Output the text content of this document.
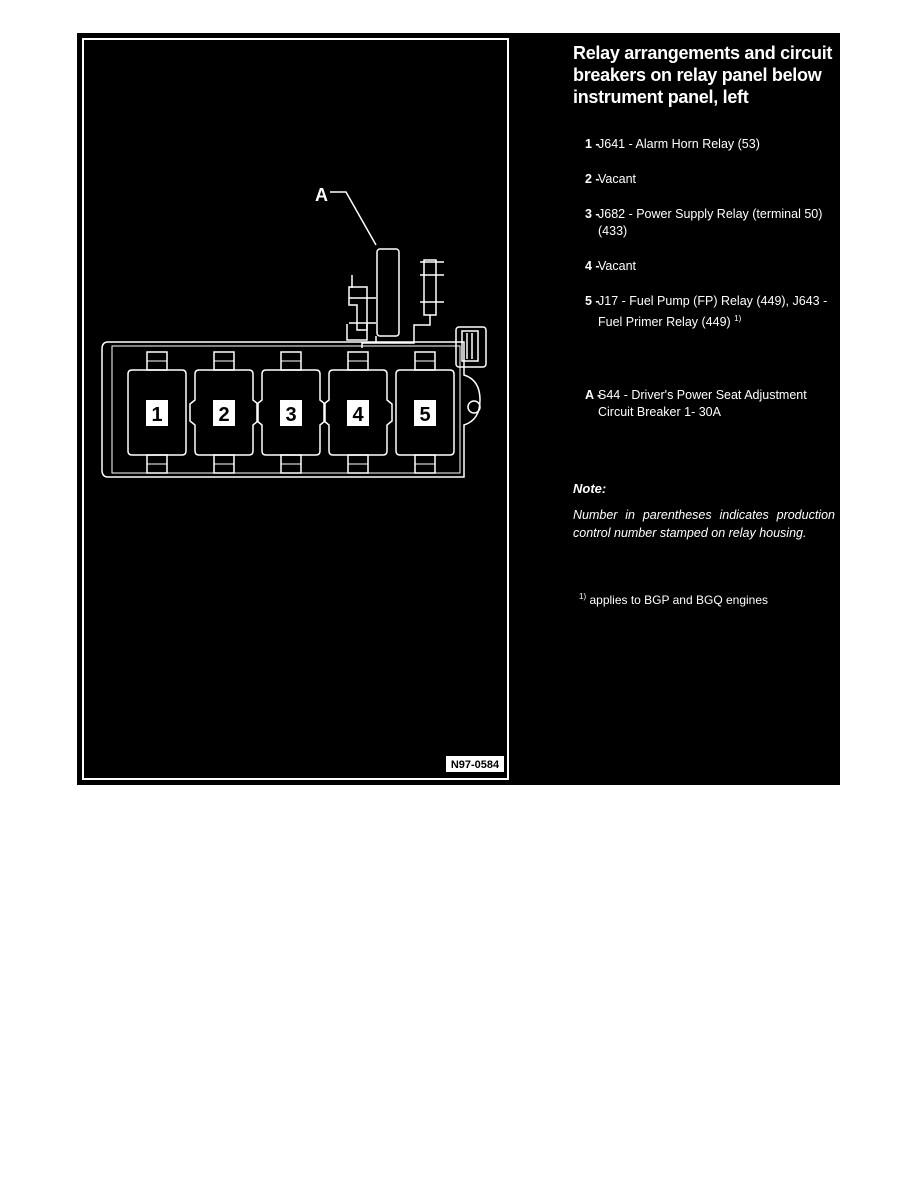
1	2	3	4	5
N97-0584
A
Relay arrangements and circuit
breakers on relay panel below
instrument panel, left
1 -
J641 - Alarm Horn Relay (53)
2 -
Vacant
3 -
J682 - Power Supply Relay (terminal 50) (433)
4 -
Vacant
5 -
J17 - Fuel Pump (FP) Relay (449), J643 - Fuel Primer Relay (449) $^{1)}$
A -
S44 - Driver's Power Seat Adjustment Circuit Breaker 1- 30A
Note:
Number in parentheses indicates production control number stamped on relay housing.
$^{1)}$ applies to BGP and BGQ engines
